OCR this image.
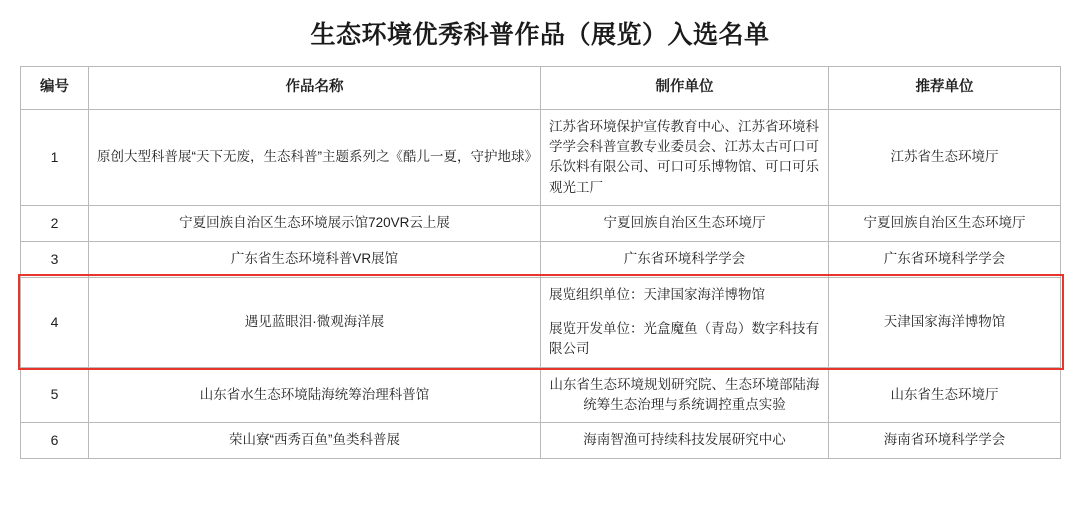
生态环境优秀科普作品（展览）入选名单
编号	作品名称	制作单位	推荐单位
1	原创大型科普展“天下无废，生态科普”主题系列之《酷儿一夏，守护地球》	江苏省环境保护宣传教育中心、江苏省环境科学学会科普宣教专业委员会、江苏太古可口可乐饮料有限公司、可口可乐博物馆、可口可乐观光工厂	江苏省生态环境厅
2	宁夏回族自治区生态环境展示馆720VR云上展	宁夏回族自治区生态环境厅	宁夏回族自治区生态环境厅
3	广东省生态环境科普VR展馆	广东省环境科学学会	广东省环境科学学会
4	遇见蓝眼泪·微观海洋展	展览组织单位：天津国家海洋博物馆
展览开发单位：光盒魔鱼（青岛）数字科技有限公司	天津国家海洋博物馆
5	山东省水生态环境陆海统筹治理科普馆	山东省生态环境规划研究院、生态环境部陆海统筹生态治理与系统调控重点实验	山东省生态环境厅
6	荣山寮“西秀百鱼”鱼类科普展	海南智渔可持续科技发展研究中心	海南省环境科学学会
